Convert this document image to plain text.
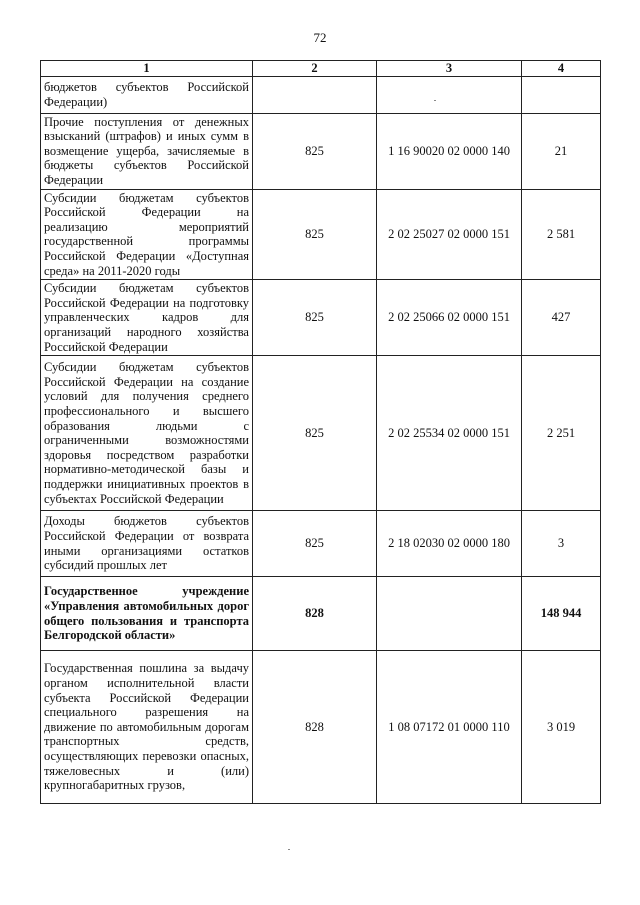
72
1	2	3	4
бюджетов субъектов Российской Федерации)			
Прочие поступления от денежных взысканий (штрафов) и иных сумм в возмещение ущерба, зачисляемые в бюджеты субъектов Российской Федерации	825	1 16 90020 02 0000 140	21
Субсидии бюджетам субъектов Российской Федерации на реализацию мероприятий государственной программы Российской Федерации «Доступная среда» на 2011-2020 годы	825	2 02 25027 02 0000 151	2 581
Субсидии бюджетам субъектов Российской Федерации на подготовку управленческих кадров для организаций народного хозяйства Российской Федерации	825	2 02 25066 02 0000 151	427
Субсидии бюджетам субъектов Российской Федерации на создание условий для получения среднего профессионального и высшего образования людьми с ограниченными возможностями здоровья посредством разработки нормативно-методической базы и поддержки инициативных проектов в субъектах Российской Федерации	825	2 02 25534 02 0000 151	2 251
Доходы бюджетов субъектов Российской Федерации от возврата иными организациями остатков субсидий прошлых лет	825	2 18 02030 02 0000 180	3
Государственное учреждение «Управления автомобильных дорог общего пользования и транспорта Белгородской области»	828		148 944
Государственная пошлина за выдачу органом исполнительной власти субъекта Российской Федерации специального разрешения на движение по автомобильным дорогам транспортных средств, осуществляющих перевозки опасных, тяжеловесных и (или) крупногабаритных грузов,	828	1 08 07172 01 0000 110	3 019
